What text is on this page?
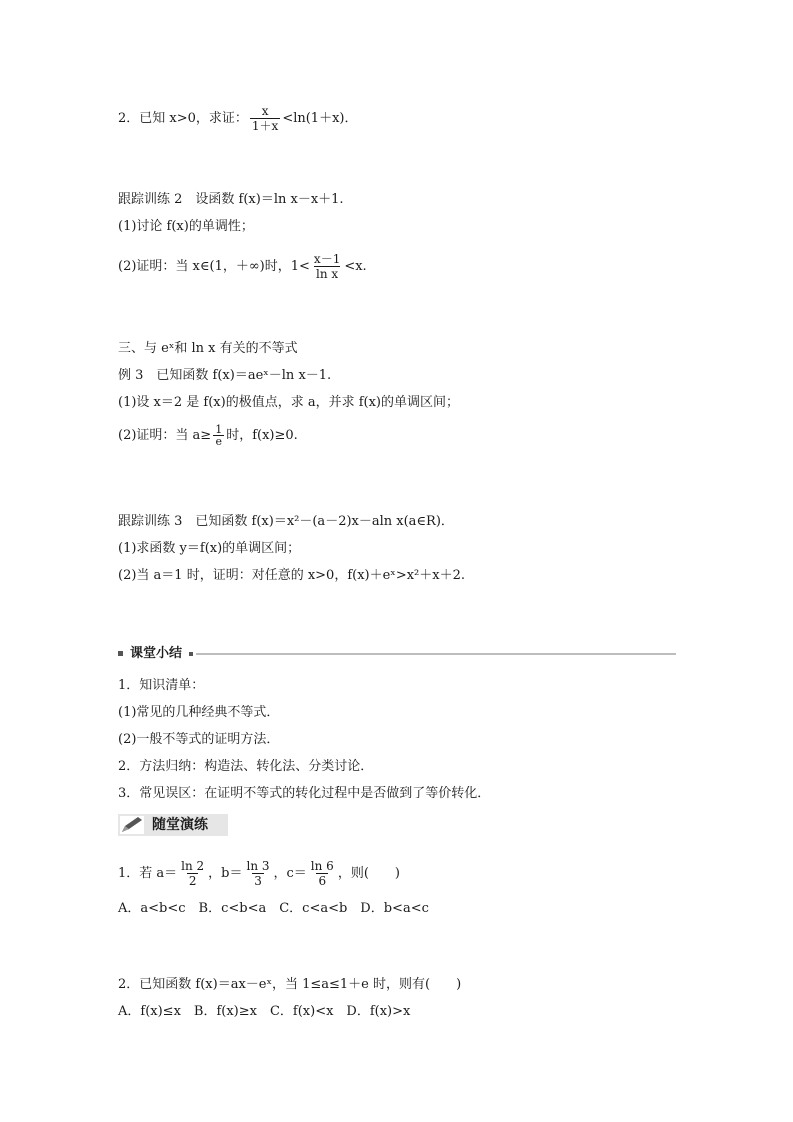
2．已知 x>0，求证： $\frac{x}{1+x} <\ln(1+x)$．
跟踪训练 2　设函数 f(x)＝ln x－x＋1.
(1)讨论 f(x)的单调性；
(2)证明：当 x∈(1，＋∞)时，$1< \frac{x-1}{\text{ln x}} <x$.
三、与 eˣ和 ln x 有关的不等式
例 3　已知函数 f(x)＝aeˣ－ln x－1.
(1)设 x＝2 是 f(x)的极值点，求 a，并求 f(x)的单调区间；
(2)证明：当 $a\ge \frac{1}{e}$ 时，f(x)≥0.
跟踪训练 3　已知函数 f(x)＝x²－(a－2)x－aln x(a∈R)．
(1)求函数 y＝f(x)的单调区间；
(2)当 a＝1 时，证明：对任意的 x>0，f(x)＋eˣ>x²＋x＋2.
课堂小结
1．知识清单：
(1)常见的几种经典不等式．
(2)一般不等式的证明方法．
2．方法归纳：构造法、转化法、分类讨论．
3．常见误区：在证明不等式的转化过程中是否做到了等价转化．
随堂演练
1．若 $a= \frac{\ln 2}{2}$ ，$b= \frac{\ln 3}{3}$ ，$c= \frac{\ln 6}{6}$ ，则(　　)
A．a<b<c　B．c<b<a　C．c<a<b　D．b<a<c
2．已知函数 f(x)＝ax－eˣ，当 1≤a≤1＋e 时，则有(　　)
A．f(x)≤x　B．f(x)≥x　C．f(x)<x　D．f(x)>x
